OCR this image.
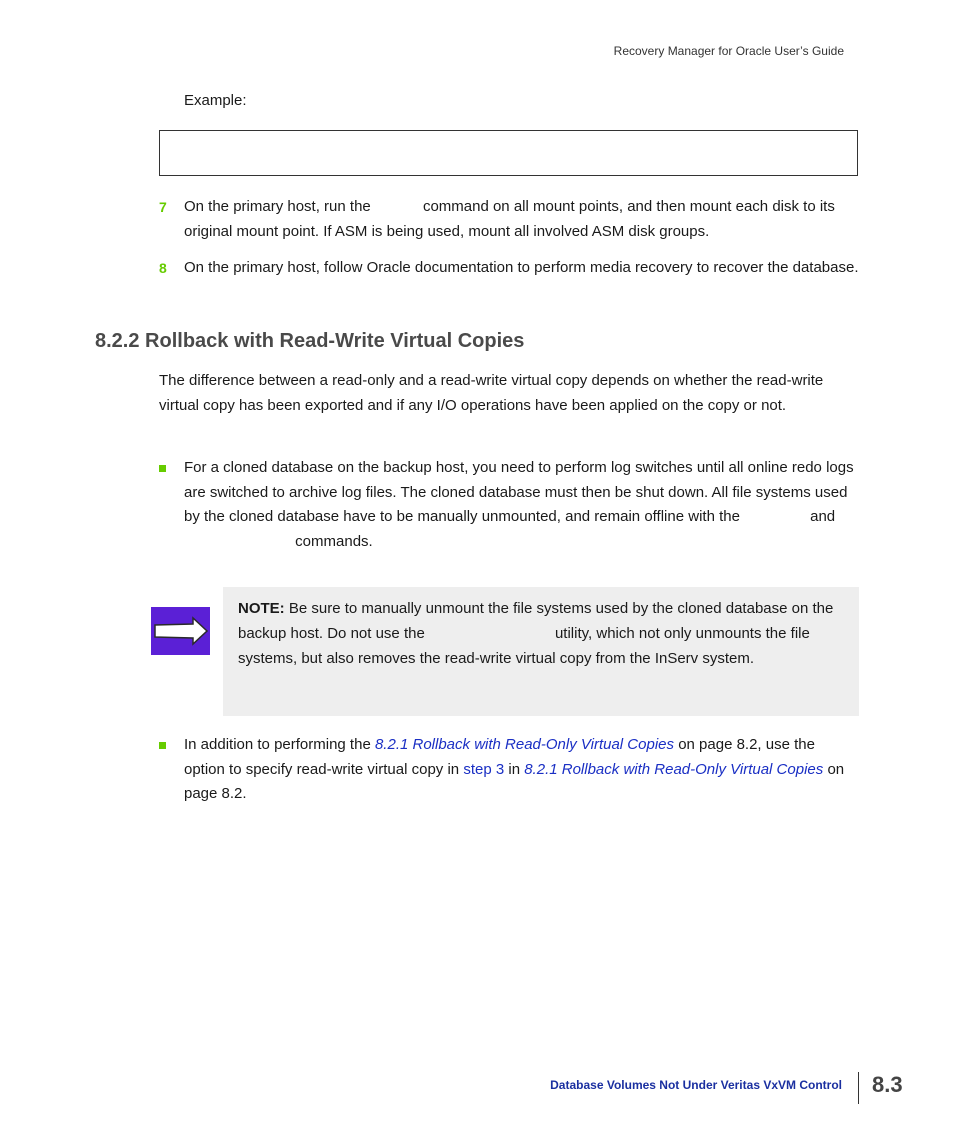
Recovery Manager for Oracle User’s Guide
Example:
7 On the primary host, run the	command on all mount points, and then mount each disk to its original mount point. If ASM is being used, mount all involved ASM disk groups.
8 On the primary host, follow Oracle documentation to perform media recovery to recover the database.
8.2.2 Rollback with Read-Write Virtual Copies
The difference between a read-only and a read-write virtual copy depends on whether the read-write virtual copy has been exported and if any I/O operations have been applied on the copy or not.
For a cloned database on the backup host, you need to perform log switches until all online redo logs are switched to archive log files. The cloned database must then be shut down. All file systems used by the cloned database have to be manually unmounted, and remain offline with the	and commands.
NOTE: Be sure to manually unmount the file systems used by the cloned database on the backup host. Do not use the	utility, which not only unmounts the file systems, but also removes the read-write virtual copy from the InServ system.
In addition to performing the 8.2.1 Rollback with Read-Only Virtual Copies on page 8.2, use the option to specify read-write virtual copy in step 3 in 8.2.1 Rollback with Read-Only Virtual Copies on page 8.2.
Database Volumes Not Under Veritas VxVM Control 8.3
